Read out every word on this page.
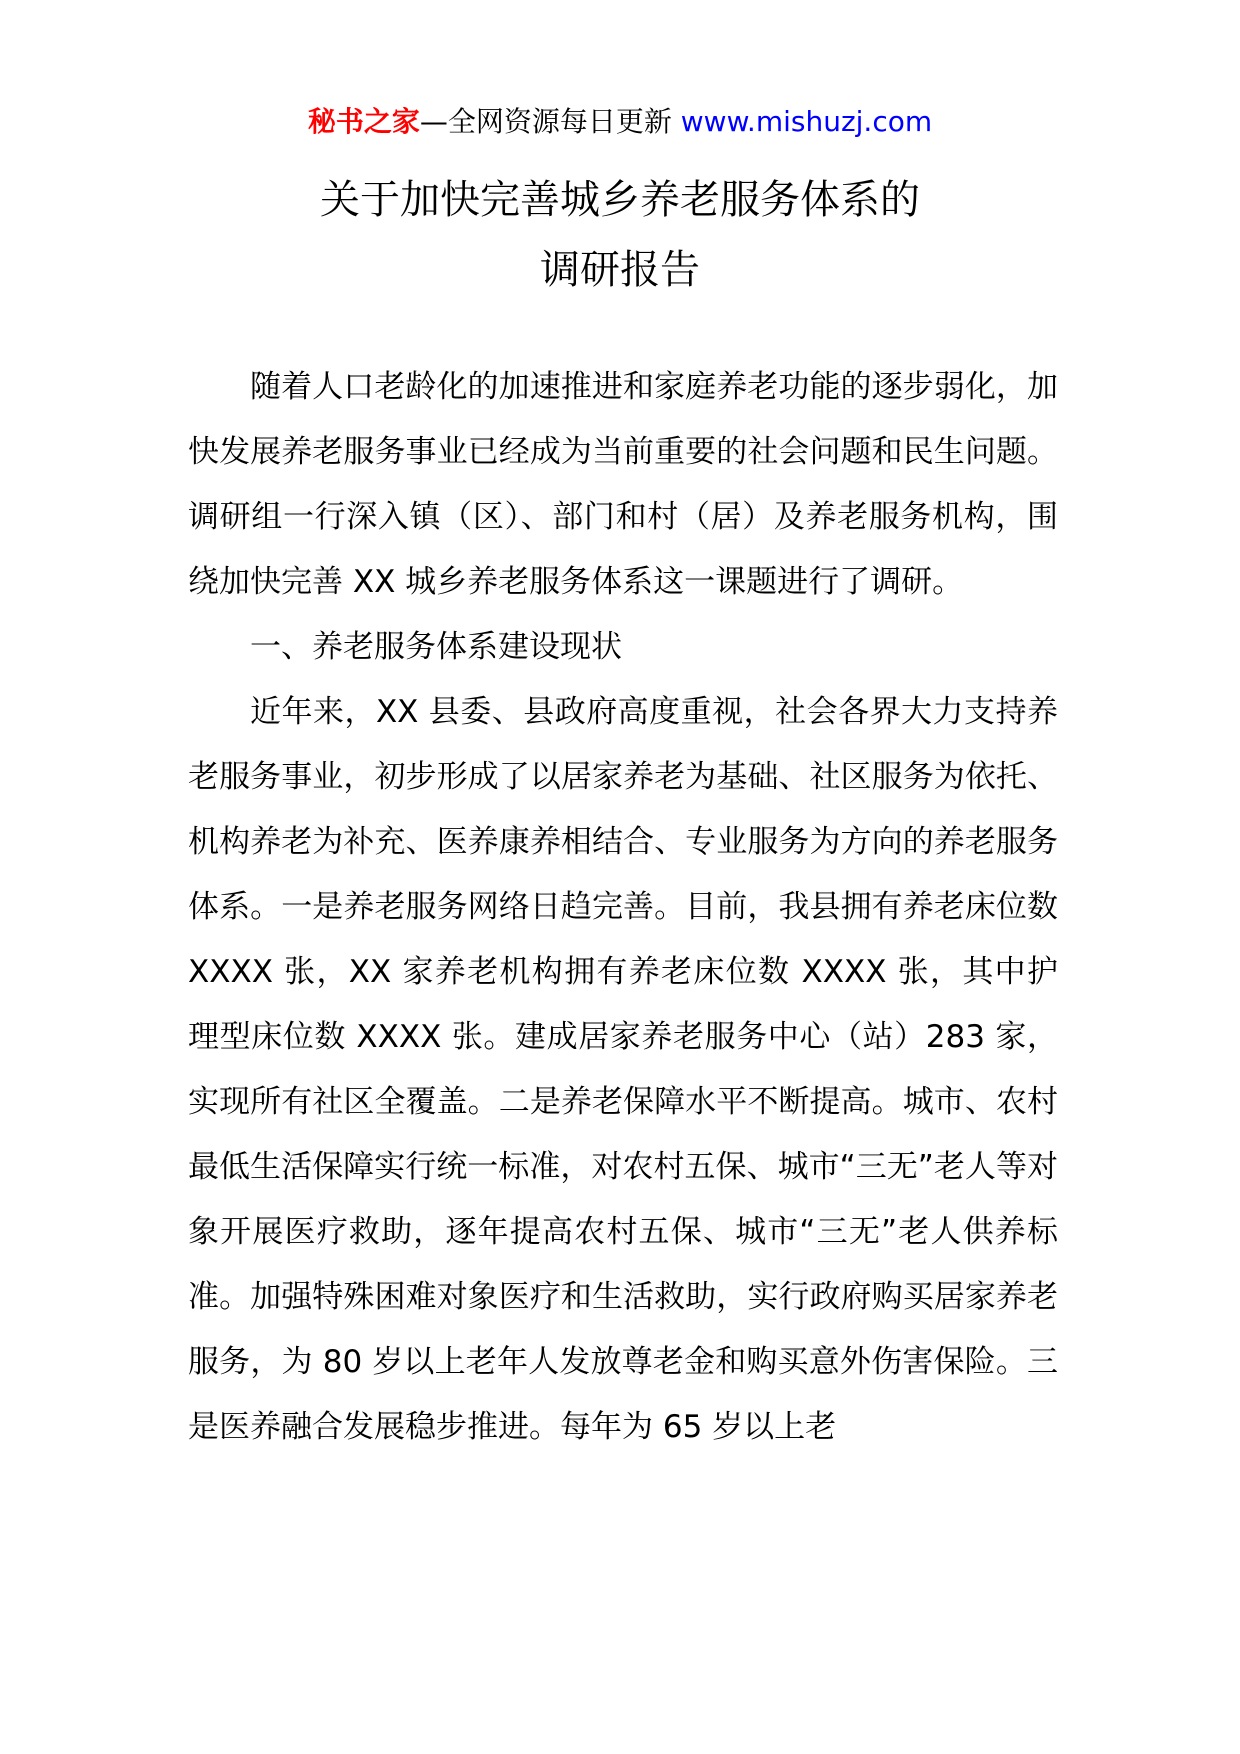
秘书之家—全网资源每日更新 www.mishuzj.com
关于加快完善城乡养老服务体系的
调研报告

随着人口老龄化的加速推进和家庭养老功能的逐步弱化，加快发展养老服务事业已经成为当前重要的社会问题和民生问题。调研组一行深入镇（区）、部门和村（居）及养老服务机构，围绕加快完善 XX 城乡养老服务体系这一课题进行了调研。

一、养老服务体系建设现状

近年来，XX 县委、县政府高度重视，社会各界大力支持养老服务事业，初步形成了以居家养老为基础、社区服务为依托、机构养老为补充、医养康养相结合、专业服务为方向的养老服务体系。一是养老服务网络日趋完善。目前，我县拥有养老床位数 XXXX 张，XX 家养老机构拥有养老床位数 XXXX 张，其中护理型床位数 XXXX 张。建成居家养老服务中心（站）283 家，实现所有社区全覆盖。二是养老保障水平不断提高。城市、农村最低生活保障实行统一标准，对农村五保、城市“三无”老人等对象开展医疗救助，逐年提高农村五保、城市“三无”老人供养标准。加强特殊困难对象医疗和生活救助，实行政府购买居家养老服务，为 80 岁以上老年人发放尊老金和购买意外伤害保险。三是医养融合发展稳步推进。每年为 65 岁以上老
